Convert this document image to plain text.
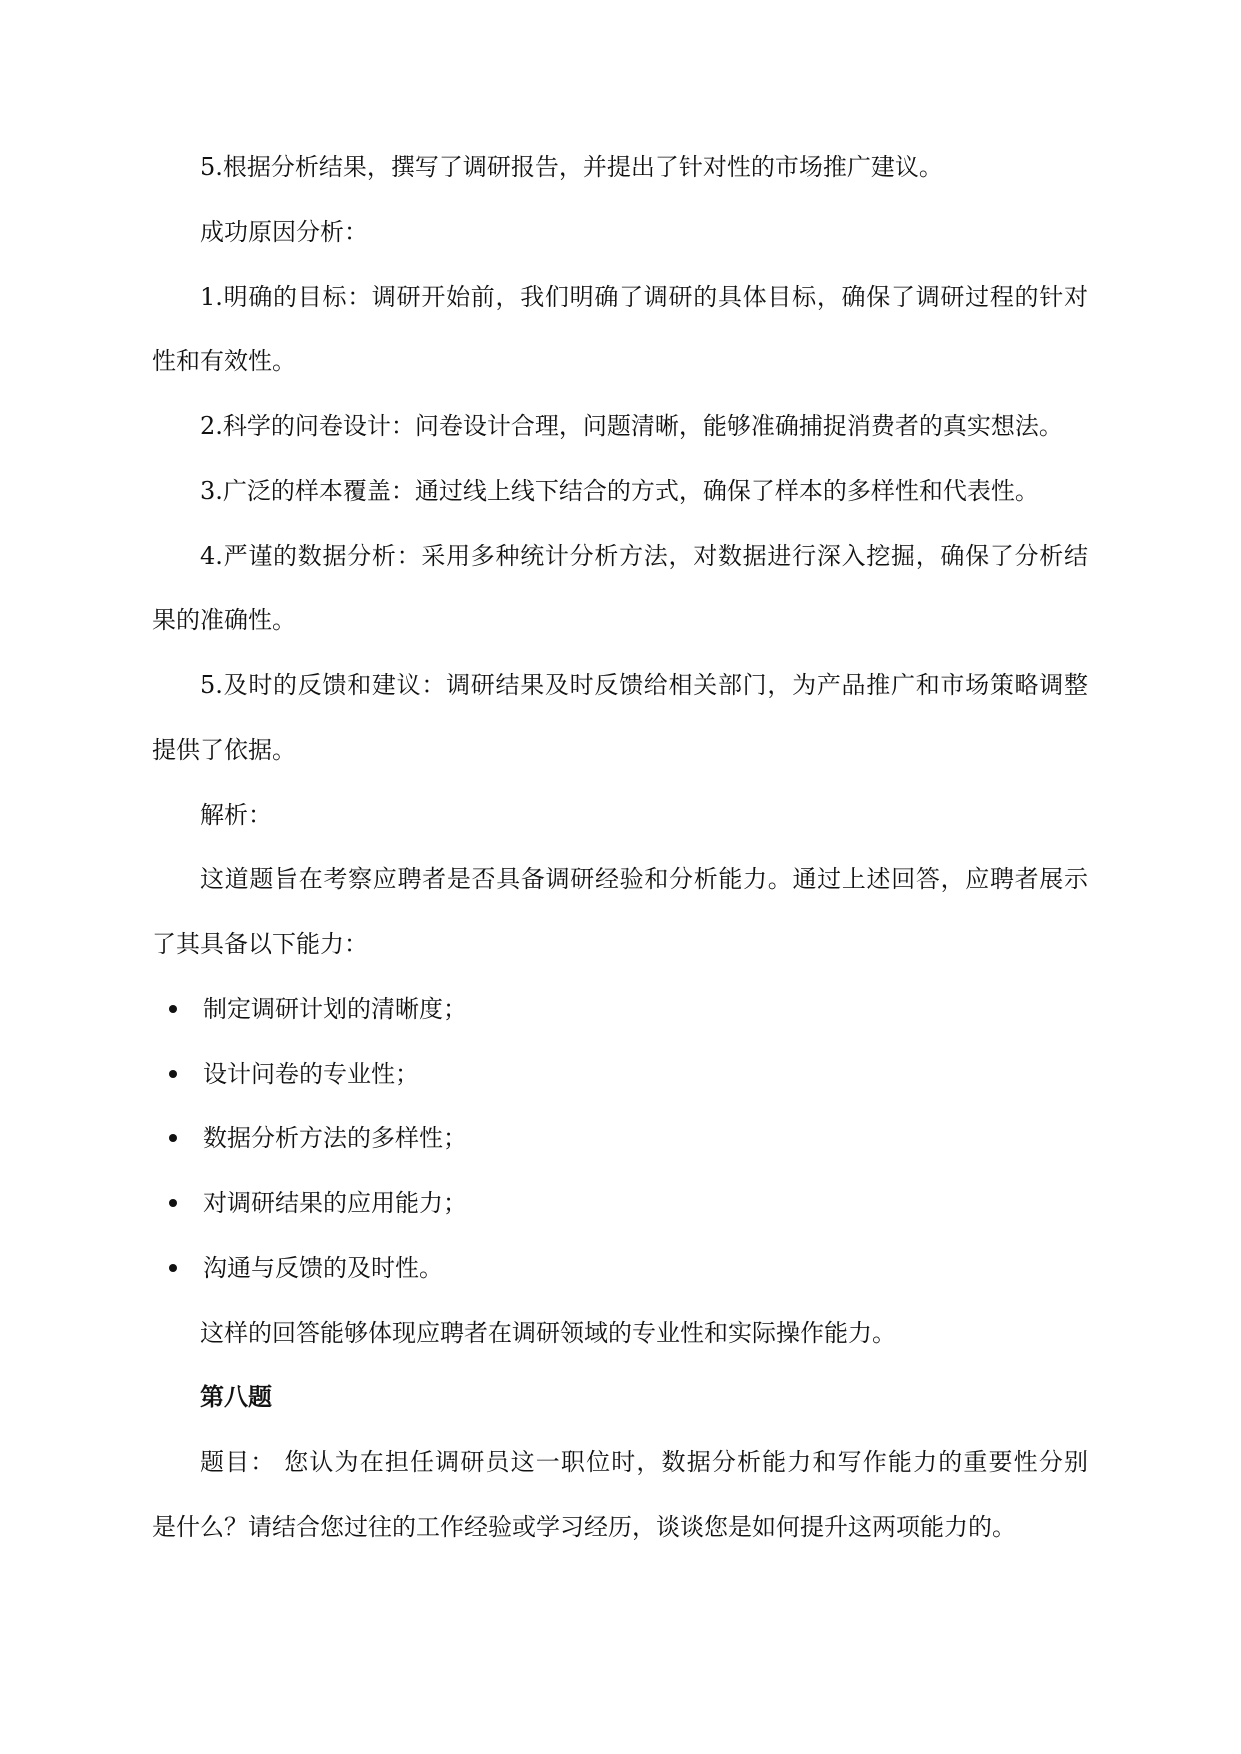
5.根据分析结果，撰写了调研报告，并提出了针对性的市场推广建议。
成功原因分析：
1.明确的目标：调研开始前，我们明确了调研的具体目标，确保了调研过程的针对
性和有效性。
2.科学的问卷设计：问卷设计合理，问题清晰，能够准确捕捉消费者的真实想法。
3.广泛的样本覆盖：通过线上线下结合的方式，确保了样本的多样性和代表性。
4.严谨的数据分析：采用多种统计分析方法，对数据进行深入挖掘，确保了分析结
果的准确性。
5.及时的反馈和建议：调研结果及时反馈给相关部门，为产品推广和市场策略调整
提供了依据。
解析：
这道题旨在考察应聘者是否具备调研经验和分析能力。通过上述回答，应聘者展示
了其具备以下能力：
制定调研计划的清晰度；
设计问卷的专业性；
数据分析方法的多样性；
对调研结果的应用能力；
沟通与反馈的及时性。
这样的回答能够体现应聘者在调研领域的专业性和实际操作能力。
第八题
题目： 您认为在担任调研员这一职位时，数据分析能力和写作能力的重要性分别
是什么？请结合您过往的工作经验或学习经历，谈谈您是如何提升这两项能力的。
